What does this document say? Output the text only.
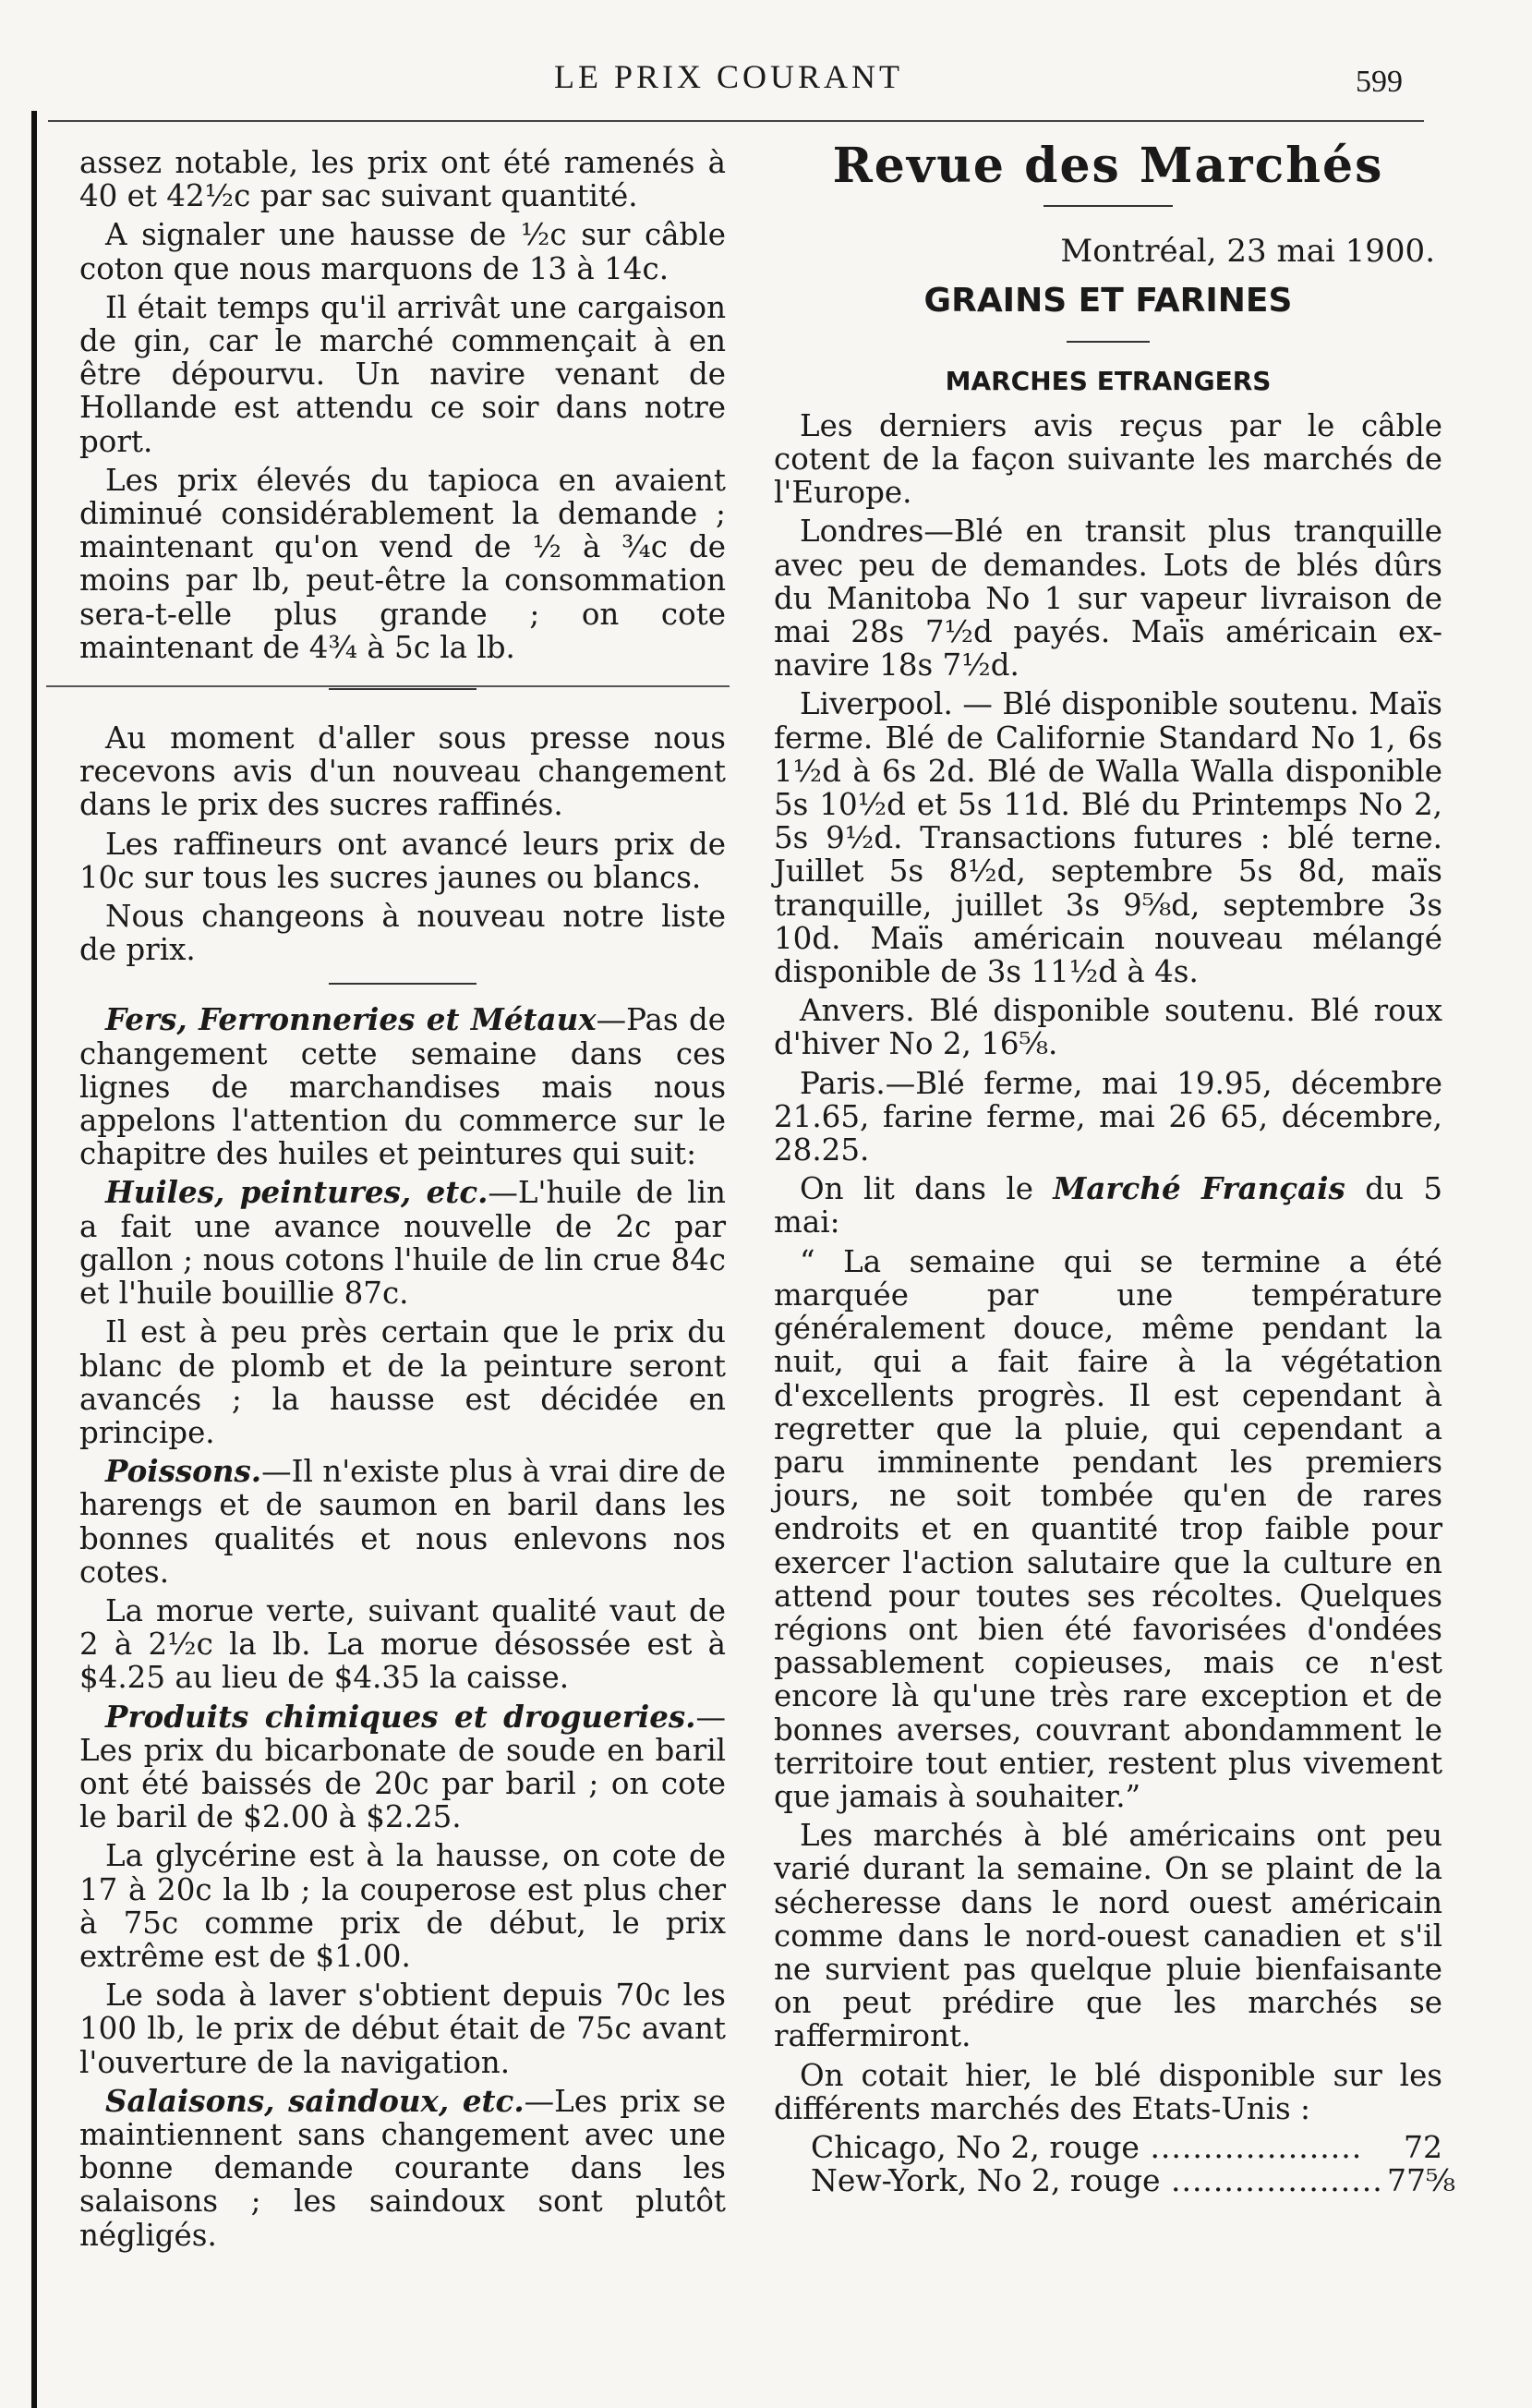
LE PRIX COURANT	599

assez notable, les prix ont été ramenés à 40 et 42½c par sac suivant quantité.

A signaler une hausse de ½c sur câble coton que nous marquons de 13 à 14c.

Il était temps qu'il arrivât une cargaison de gin, car le marché commençait à en être dépourvu. Un navire venant de Hollande est attendu ce soir dans notre port.

Les prix élevés du tapioca en avaient diminué considérablement la demande ; maintenant qu'on vend de ½ à ¾c de moins par lb, peut-être la consommation sera-t-elle plus grande ; on cote maintenant de 4¾ à 5c la lb.

Au moment d'aller sous presse nous recevons avis d'un nouveau changement dans le prix des sucres raffinés.

Les raffineurs ont avancé leurs prix de 10c sur tous les sucres jaunes ou blancs.

Nous changeons à nouveau notre liste de prix.

Fers, Ferronneries et Métaux—Pas de changement cette semaine dans ces lignes de marchandises mais nous appelons l'attention du commerce sur le chapitre des huiles et peintures qui suit:

Huiles, peintures, etc.—L'huile de lin a fait une avance nouvelle de 2c par gallon ; nous cotons l'huile de lin crue 84c et l'huile bouillie 87c.

Il est à peu près certain que le prix du blanc de plomb et de la peinture seront avancés ; la hausse est décidée en principe.

Poissons.—Il n'existe plus à vrai dire de harengs et de saumon en baril dans les bonnes qualités et nous enlevons nos cotes.

La morue verte, suivant qualité vaut de 2 à 2½c la lb. La morue désossée est à $4.25 au lieu de $4.35 la caisse.

Produits chimiques et drogueries.—Les prix du bicarbonate de soude en baril ont été baissés de 20c par baril ; on cote le baril de $2.00 à $2.25.

La glycérine est à la hausse, on cote de 17 à 20c la lb ; la couperose est plus cher à 75c comme prix de début, le prix extrême est de $1.00.

Le soda à laver s'obtient depuis 70c les 100 lb, le prix de début était de 75c avant l'ouverture de la navigation.

Salaisons, saindoux, etc.—Les prix se maintiennent sans changement avec une bonne demande courante dans les salaisons ; les saindoux sont plutôt négligés.

Revue des Marchés
Montréal, 23 mai 1900.
GRAINS ET FARINES
MARCHES ETRANGERS

Les derniers avis reçus par le câble cotent de la façon suivante les marchés de l'Europe.

Londres—Blé en transit plus tranquille avec peu de demandes. Lots de blés dûrs du Manitoba No 1 sur vapeur livraison de mai 28s 7½d payés. Maïs américain ex-navire 18s 7½d.

Liverpool. — Blé disponible soutenu. Maïs ferme. Blé de Californie Standard No 1, 6s 1½d à 6s 2d. Blé de Walla Walla disponible 5s 10½d et 5s 11d. Blé du Printemps No 2, 5s 9½d. Transactions futures : blé terne. Juillet 5s 8½d, septembre 5s 8d, maïs tranquille, juillet 3s 9⅝d, septembre 3s 10d. Maïs américain nouveau mélangé disponible de 3s 11½d à 4s.

Anvers. Blé disponible soutenu. Blé roux d'hiver No 2, 16⅝.

Paris.—Blé ferme, mai 19.95, décembre 21.65, farine ferme, mai 26 65, décembre, 28.25.

On lit dans le Marché Français du 5 mai:

“ La semaine qui se termine a été marquée par une température généralement douce, même pendant la nuit, qui a fait faire à la végétation d'excellents progrès. Il est cependant à regretter que la pluie, qui cependant a paru imminente pendant les premiers jours, ne soit tombée qu'en de rares endroits et en quantité trop faible pour exercer l'action salutaire que la culture en attend pour toutes ses récoltes. Quelques régions ont bien été favorisées d'ondées passablement copieuses, mais ce n'est encore là qu'une très rare exception et de bonnes averses, couvrant abondamment le territoire tout entier, restent plus vivement que jamais à souhaiter.”

Les marchés à blé américains ont peu varié durant la semaine. On se plaint de la sécheresse dans le nord ouest américain comme dans le nord-ouest canadien et s'il ne survient pas quelque pluie bienfaisante on peut prédire que les marchés se raffermiront.

On cotait hier, le blé disponible sur les différents marchés des Etats-Unis :

Chicago, No 2, rouge .....	72
New-York, No 2, rouge .....	77⅝
